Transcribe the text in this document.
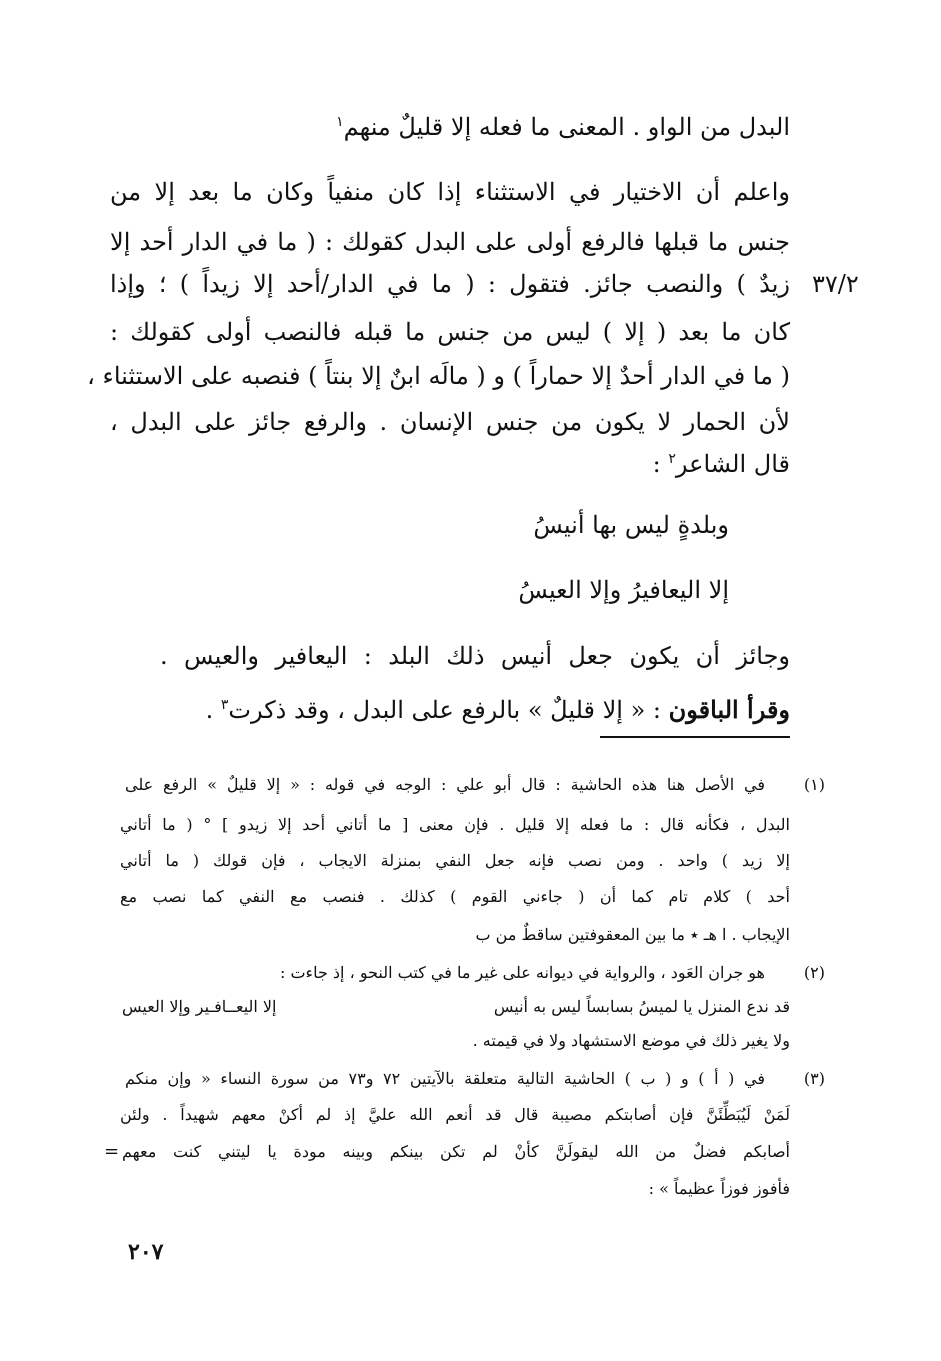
٣٧/٢
البدل من الواو . المعنى ما فعله إلا قليلٌ منهم$^١$
واعلم أن الاختيار في الاستثناء إذا كان منفياً وكان ما بعد إلا من
جنس ما قبلها فالرفع أولى على البدل كقولك : ( ما في الدار أحد إلا
زيدٌ ) والنصب جائز. فتقول : ( ما في الدار/أحد إلا زيداً ) ؛ وإذا
كان ما بعد ( إلا ) ليس من جنس ما قبله فالنصب أولى كقولك :
( ما في الدار أحدٌ إلا حماراً ) و ( مالَه ابنٌ إلا بنتاً ) فنصبه على الاستثناء ،
لأن الحمار لا يكون من جنس الإنسان . والرفع جائز على البدل ،
قال الشاعر$^٢$ :
وبلدةٍ ليس بها أنيسُ
إلا اليعافيرُ وإلا العيسُ
وجائز أن يكون جعل أنيس ذلك البلد : اليعافير والعيس .
وقرأ الباقون : « إلا قليلٌ » بالرفع على البدل ، وقد ذكرت$^٣$ .
(١)
في الأصل هنا هذه الحاشية : قال أبو علي : الوجه في قوله : « إلا قليلٌ » الرفع على
البدل ، فكأنه قال : ما فعله إلا قليل . فإن معنى [ ما أتاني أحد إلا زيدو ] ° ( ما أتاني
إلا زيد ) واحد . ومن نصب فإنه جعل النفي بمنزلة الايجاب ، فإن قولك ( ما أتاني
أحد ) كلام تام كما أن ( جاءني القوم ) كذلك . فنصب مع النفي كما نصب مع
الإيجاب . ا هـ ٭ ما بين المعقوفتين ساقطٌ من ب
(٢)
هو جران العَود ، والرواية في ديوانه على غير ما في كتب النحو ، إذ جاءت :
قد ندع المنزل يا لميسُ بسابساً ليس به أنيس
إلا اليعــافـير وإلا العيس
ولا يغير ذلك في موضع الاستشهاد ولا في قيمته .
(٣)
في ( أ ) و ( ب ) الحاشية التالية متعلقة بالآيتين ٧٢ و٧٣ من سورة النساء « وإن منكم
لَمَنْ لَيُبَطِّئَنَّ فإن أصابتكم مصيبة قال قد أنعم الله عليَّ إذ لم أكنْ معهم شهيداً . ولئن
أصابكم فضلٌ من الله ليقولَنَّ كأنْ لم تكن بينكم وبينه مودة يا ليتني كنت معهم
=
فأفوز فوزاً عظيماً » :
٢٠٧
